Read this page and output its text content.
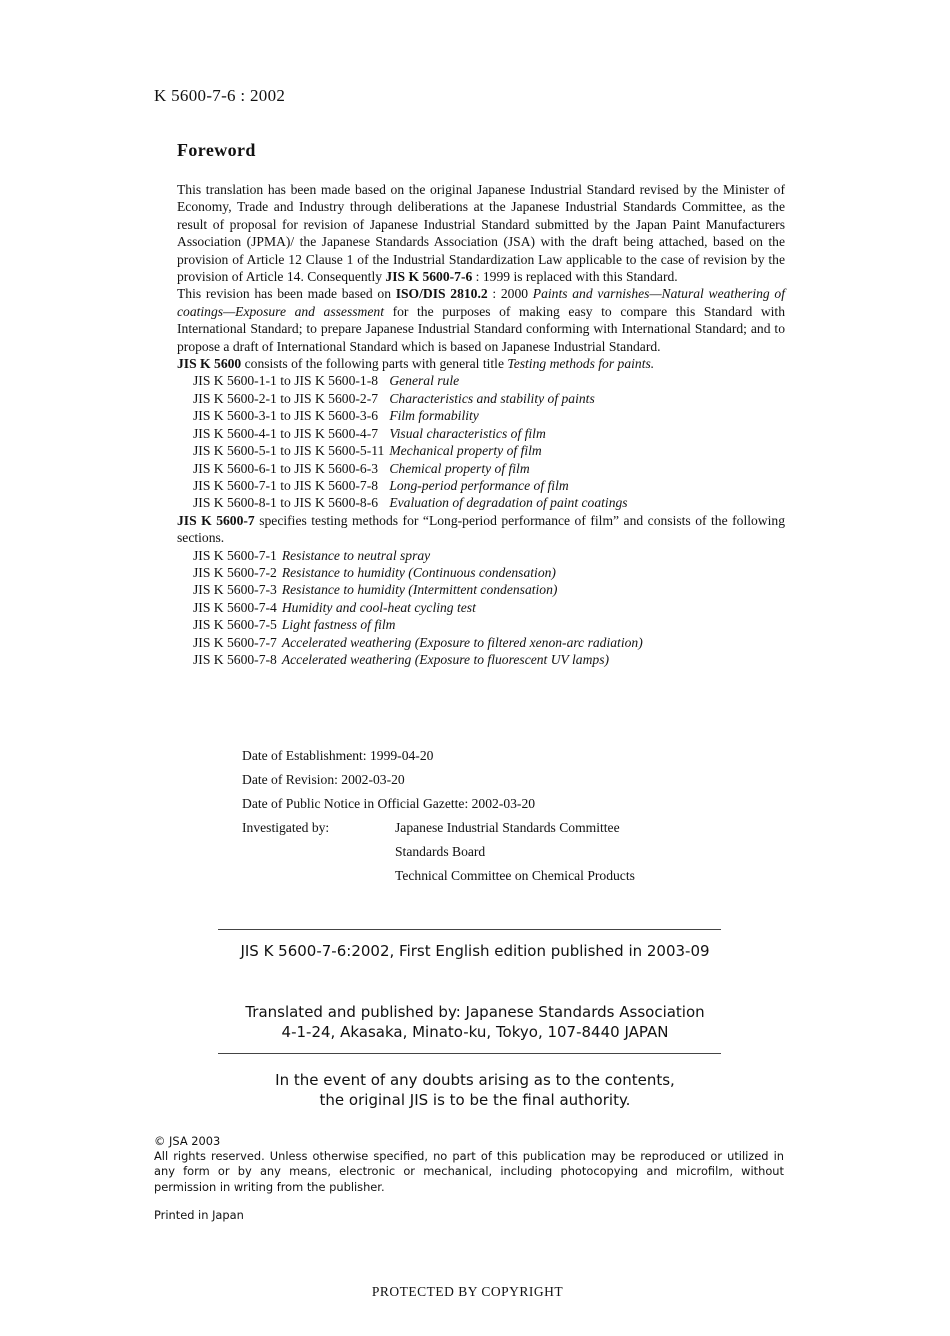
K 5600-7-6 : 2002
Foreword

This translation has been made based on the original Japanese Industrial Standard revised by the Minister of Economy, Trade and Industry through deliberations at the Japanese Industrial Standards Committee, as the result of proposal for revision of Japanese Industrial Standard submitted by the Japan Paint Manufacturers Association (JPMA)/ the Japanese Standards Association (JSA) with the draft being attached, based on the provision of Article 12 Clause 1 of the Industrial Standardization Law applicable to the case of revision by the provision of Article 14. Consequently JIS K 5600-7-6 : 1999 is replaced with this Standard.

This revision has been made based on ISO/DIS 2810.2 : 2000 Paints and varnishes—Natural weathering of coatings—Exposure and assessment for the purposes of making easy to compare this Standard with International Standard; to prepare Japanese Industrial Standard conforming with International Standard; and to propose a draft of International Standard which is based on Japanese Industrial Standard.

JIS K 5600 consists of the following parts with general title Testing methods for paints.

JIS K 5600-1-1 to JIS K 5600-1-8	General rule
JIS K 5600-2-1 to JIS K 5600-2-7	Characteristics and stability of paints
JIS K 5600-3-1 to JIS K 5600-3-6	Film formability
JIS K 5600-4-1 to JIS K 5600-4-7	Visual characteristics of film
JIS K 5600-5-1 to JIS K 5600-5-11	Mechanical property of film
JIS K 5600-6-1 to JIS K 5600-6-3	Chemical property of film
JIS K 5600-7-1 to JIS K 5600-7-8	Long-period performance of film
JIS K 5600-8-1 to JIS K 5600-8-6	Evaluation of degradation of paint coatings

JIS K 5600-7 specifies testing methods for “Long-period performance of film” and consists of the following sections.

JIS K 5600-7-1	Resistance to neutral spray
JIS K 5600-7-2	Resistance to humidity (Continuous condensation)
JIS K 5600-7-3	Resistance to humidity (Intermittent condensation)
JIS K 5600-7-4	Humidity and cool-heat cycling test
JIS K 5600-7-5	Light fastness of film
JIS K 5600-7-7	Accelerated weathering (Exposure to filtered xenon-arc radiation)
JIS K 5600-7-8	Accelerated weathering (Exposure to fluorescent UV lamps)
Date of Establishment: 1999-04-20
Date of Revision: 2002-03-20
Date of Public Notice in Official Gazette: 2002-03-20
Investigated by:	Japanese Industrial Standards Committee
Standards Board
Technical Committee on Chemical Products
JIS K 5600-7-6:2002, First English edition published in 2003-09
Translated and published by: Japanese Standards Association
4-1-24, Akasaka, Minato-ku, Tokyo, 107-8440 JAPAN
In the event of any doubts arising as to the contents,
the original JIS is to be the final authority.

© JSA 2003

All rights reserved. Unless otherwise specified, no part of this publication may be reproduced or utilized in any form or by any means, electronic or mechanical, including photocopying and microfilm, without permission in writing from the publisher.

Printed in Japan
PROTECTED BY COPYRIGHT
